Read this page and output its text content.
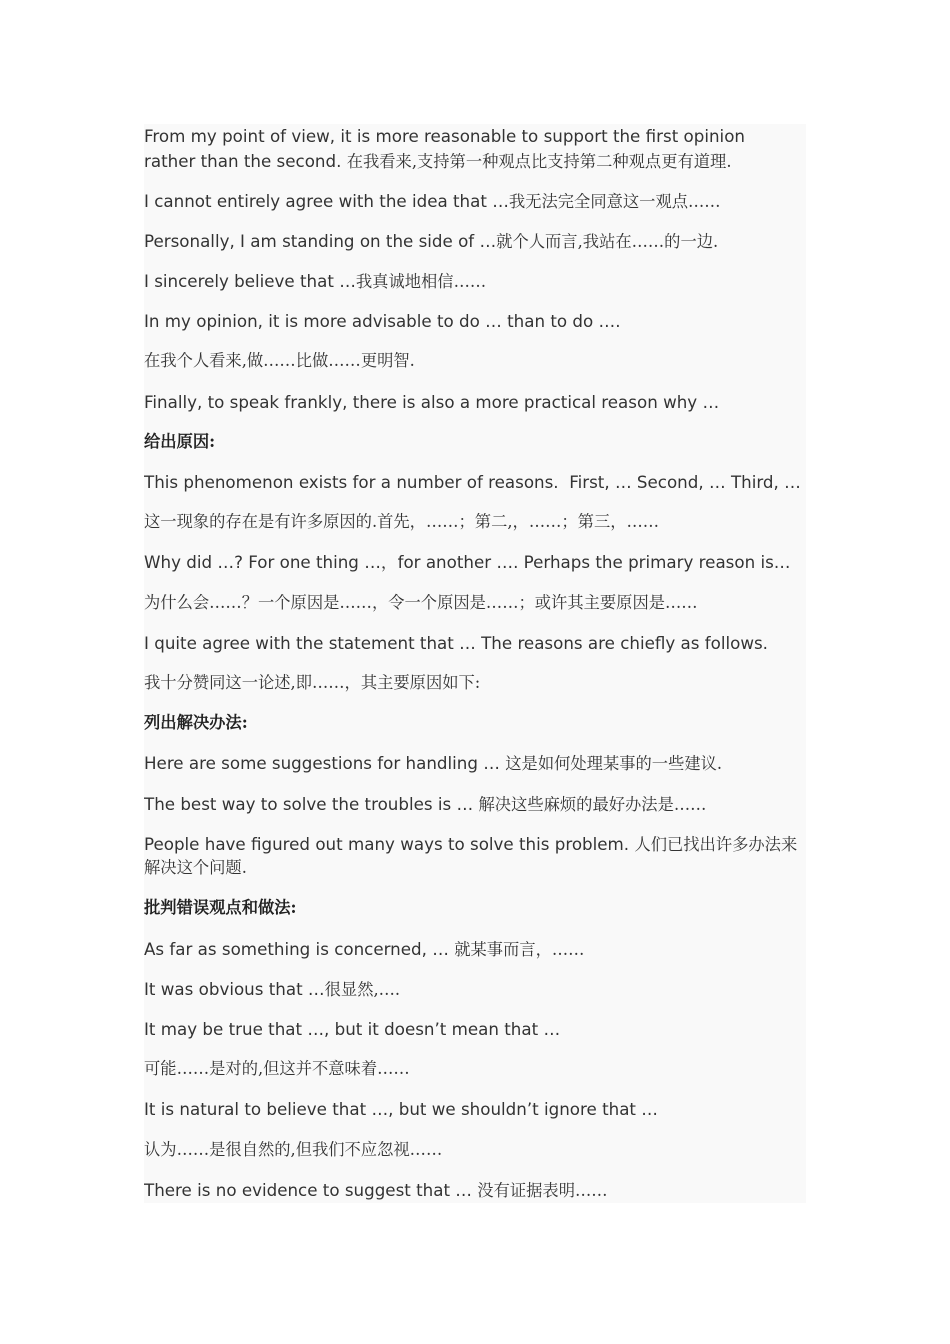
From my point of view, it is more reasonable to support the first opinion
rather than the second. 在我看来,支持第一种观点比支持第二种观点更有道理.
I cannot entirely agree with the idea that …我无法完全同意这一观点……
Personally, I am standing on the side of …就个人而言,我站在……的一边.
I sincerely believe that …我真诚地相信……
In my opinion, it is more advisable to do … than to do ….
在我个人看来,做……比做……更明智.
Finally, to speak frankly, there is also a more practical reason why …
给出原因:
This phenomenon exists for a number of reasons.  First, … Second, … Third, …
这一现象的存在是有许多原因的.首先，……；第二,，……；第三，……
Why did …? For one thing …，for another …. Perhaps the primary reason is…
为什么会……？一个原因是……，令一个原因是……；或许其主要原因是……
I quite agree with the statement that … The reasons are chiefly as follows.
我十分赞同这一论述,即……，其主要原因如下:
列出解决办法:
Here are some suggestions for handling … 这是如何处理某事的一些建议.
The best way to solve the troubles is … 解决这些麻烦的最好办法是……
People have figured out many ways to solve this problem. 人们已找出许多办法来
解决这个问题.
批判错误观点和做法:
As far as something is concerned, … 就某事而言，……
It was obvious that …很显然,….
It may be true that …, but it doesn’t mean that …
可能……是对的,但这并不意味着……
It is natural to believe that …, but we shouldn’t ignore that …
认为……是很自然的,但我们不应忽视……
There is no evidence to suggest that … 没有证据表明……
